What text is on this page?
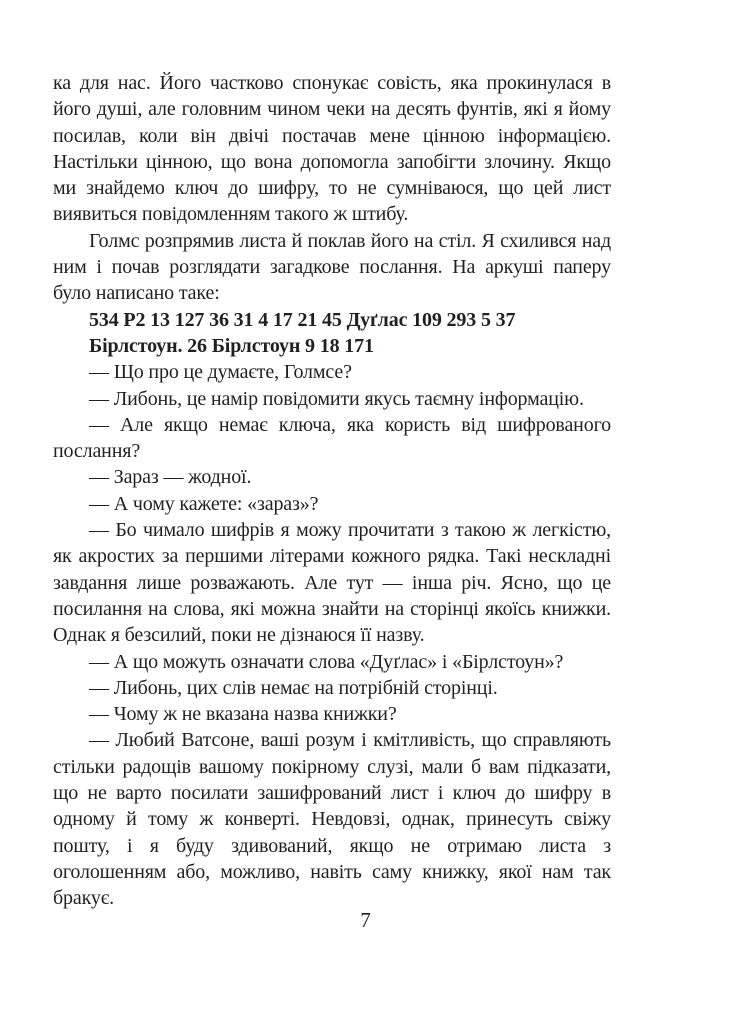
ка для нас. Його частково спонукає совість, яка прокинулася в його душі, але головним чином чеки на десять фунтів, які я йому посилав, коли він двічі постачав мене цінною інформацією. Настільки цінною, що вона допомогла запобігти злочину. Якщо ми знайдемо ключ до шифру, то не сумніваюся, що цей лист виявиться повідомленням такого ж штибу.

Голмс розпрямив листа й поклав його на стіл. Я схилився над ним і почав розглядати загадкове послання. На аркуші паперу було написано таке:

534 Р2 13 127 36 31 4 17 21 45 Дуґлас 109 293 5 37 Бірлстоун. 26 Бірлстоун 9 18 171

— Що про це думаєте, Голмсе?

— Либонь, це намір повідомити якусь таємну інформацію.

— Але якщо немає ключа, яка користь від шифрованого послання?

— Зараз — жодної.

— А чому кажете: «зараз»?

— Бо чимало шифрів я можу прочитати з такою ж легкістю, як акростих за першими літерами кожного рядка. Такі нескладні завдання лише розважають. Але тут — інша річ. Ясно, що це посилання на слова, які можна знайти на сторінці якоїсь книжки. Однак я безсилий, поки не дізнаюся її назву.

— А що можуть означати слова «Дуґлас» і «Бірлстоун»?

— Либонь, цих слів немає на потрібній сторінці.

— Чому ж не вказана назва книжки?

— Любий Ватсоне, ваші розум і кмітливість, що справляють стільки радощів вашому покірному слузі, мали б вам підказати, що не варто посилати зашифрований лист і ключ до шифру в одному й тому ж конверті. Невдовзі, однак, принесуть свіжу пошту, і я буду здивований, якщо не отримаю листа з оголошенням або, можливо, навіть саму книжку, якої нам так бракує.

7
